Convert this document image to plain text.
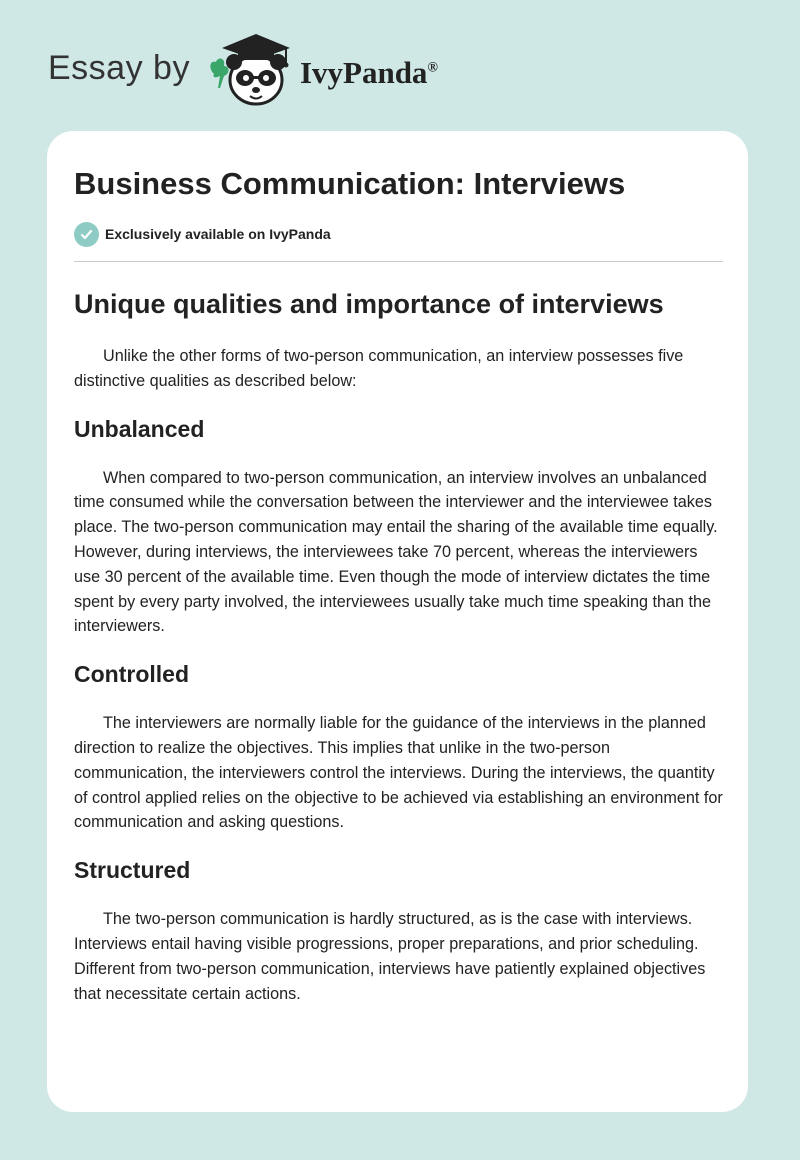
Essay by	IvyPanda®
Business Communication: Interviews
Exclusively available on IvyPanda
Unique qualities and importance of interviews

Unlike the other forms of two-person communication, an interview possesses five distinctive qualities as described below:

Unbalanced

When compared to two-person communication, an interview involves an unbalanced time consumed while the conversation between the interviewer and the interviewee takes place. The two-person communication may entail the sharing of the available time equally. However, during interviews, the interviewees take 70 percent, whereas the interviewers use 30 percent of the available time. Even though the mode of interview dictates the time spent by every party involved, the interviewees usually take much time speaking than the interviewers.

Controlled

The interviewers are normally liable for the guidance of the interviews in the planned direction to realize the objectives. This implies that unlike in the two-person communication, the interviewers control the interviews. During the interviews, the quantity of control applied relies on the objective to be achieved via establishing an environment for communication and asking questions.

Structured

The two-person communication is hardly structured, as is the case with interviews. Interviews entail having visible progressions, proper preparations, and prior scheduling. Different from two-person communication, interviews have patiently explained objectives that necessitate certain actions.
